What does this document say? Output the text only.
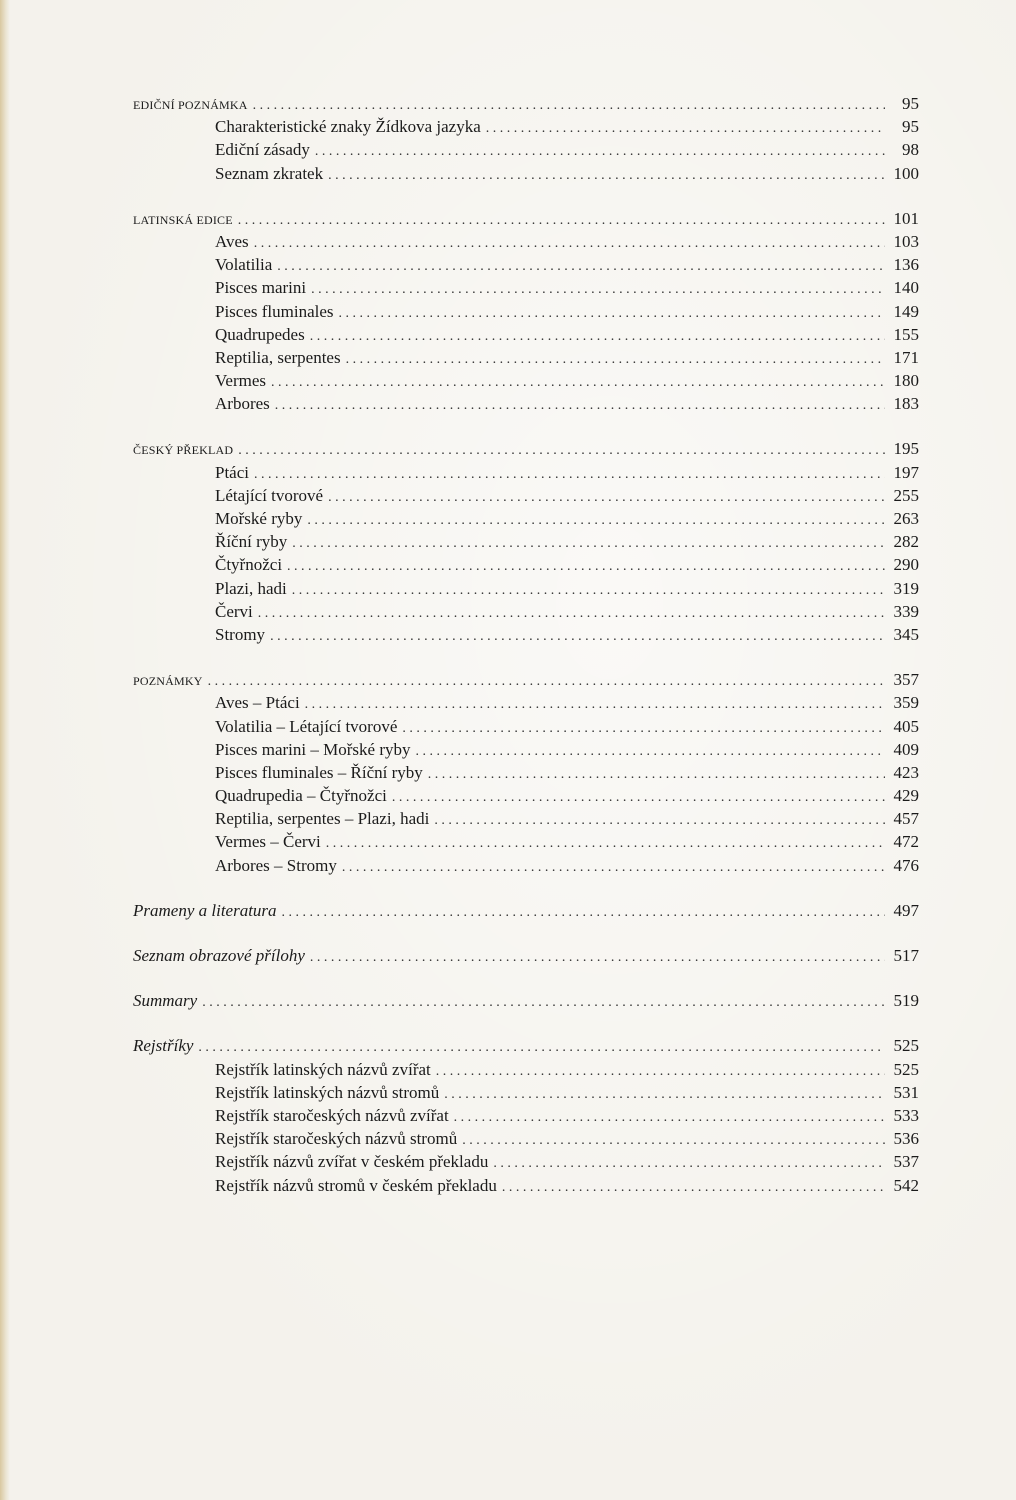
EDIČNÍ POZNÁMKA . . .	95
Charakteristické znaky Žídkova jazyka . . .	95
Ediční zásady . . .	98
Seznam zkratek . . .	100
LATINSKÁ EDICE . . .	101
Aves . . .	103
Volatilia . . .	136
Pisces marini . . .	140
Pisces fluminales . . .	149
Quadrupedes . . .	155
Reptilia, serpentes . . .	171
Vermes . . .	180
Arbores . . .	183
ČESKÝ PŘEKLAD . . .	195
Ptáci . . .	197
Létající tvorové . . .	255
Mořské ryby . . .	263
Říční ryby . . .	282
Čtyřnožci . . .	290
Plazi, hadi . . .	319
Červi . . .	339
Stromy . . .	345
POZNÁMKY . . .	357
Aves – Ptáci . . .	359
Volatilia – Létající tvorové . . .	405
Pisces marini – Mořské ryby . . .	409
Pisces fluminales – Říční ryby . . .	423
Quadrupedia – Čtyřnožci . . .	429
Reptilia, serpentes – Plazi, hadi . . .	457
Vermes – Červi . . .	472
Arbores – Stromy . . .	476
Prameny a literatura . . .	497
Seznam obrazové přílohy . . .	517
Summary . . .	519
Rejstříky . . .	525
Rejstřík latinských názvů zvířat . . .	525
Rejstřík latinských názvů stromů . . .	531
Rejstřík staročeských názvů zvířat . . .	533
Rejstřík staročeských názvů stromů . . .	536
Rejstřík názvů zvířat v českém překladu . . .	537
Rejstřík názvů stromů v českém překladu . . .	542
